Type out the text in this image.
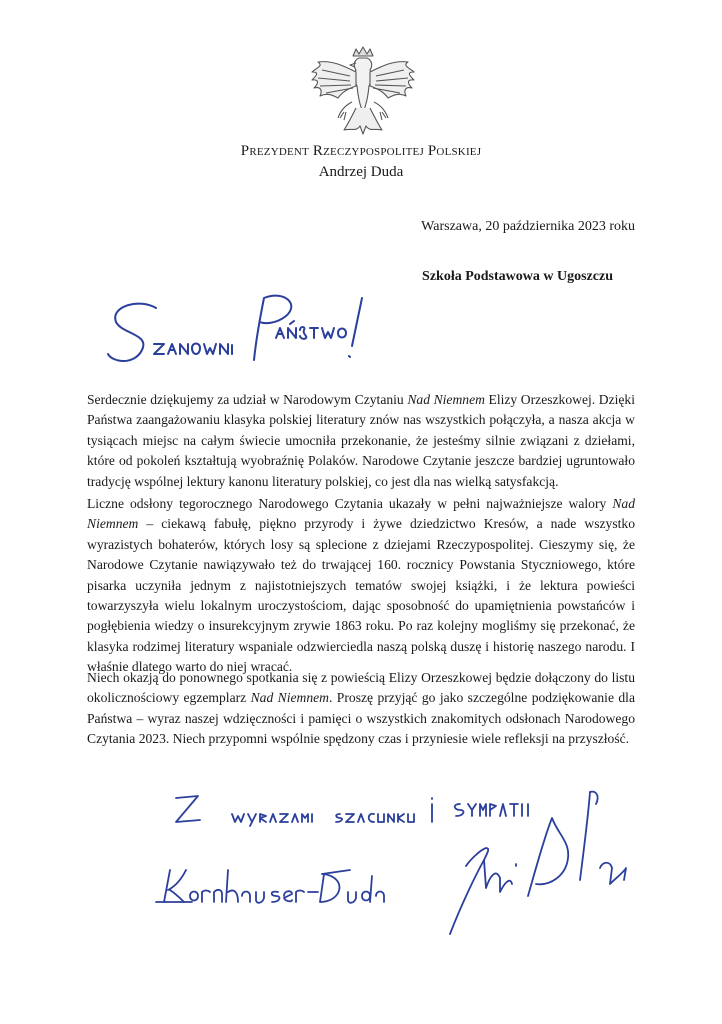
Prezydent Rzeczypospolitej Polskiej
Andrzej Duda
Warszawa, 20 października 2023 roku
Szkoła Podstawowa w Ugoszczu

Serdecznie dziękujemy za udział w Narodowym Czytaniu Nad Niemnem Elizy Orzeszkowej. Dzięki Państwa zaangażowaniu klasyka polskiej literatury znów nas wszystkich połączyła, a nasza akcja w tysiącach miejsc na całym świecie umocniła przekonanie, że jesteśmy silnie związani z dziełami, które od pokoleń kształtują wyobraźnię Polaków. Narodowe Czytanie jeszcze bardziej ugruntowało tradycję wspólnej lektury kanonu literatury polskiej, co jest dla nas wielką satysfakcją.

Liczne odsłony tegorocznego Narodowego Czytania ukazały w pełni najważniejsze walory Nad Niemnem – ciekawą fabułę, piękno przyrody i żywe dziedzictwo Kresów, a nade wszystko wyrazistych bohaterów, których losy są splecione z dziejami Rzeczypospolitej. Cieszymy się, że Narodowe Czytanie nawiązywało też do trwającej 160. rocznicy Powstania Styczniowego, które pisarka uczyniła jednym z najistotniejszych tematów swojej książki, i że lektura powieści towarzyszyła wielu lokalnym uroczystościom, dając sposobność do upamiętnienia powstańców i pogłębienia wiedzy o insurekcyjnym zrywie 1863 roku. Po raz kolejny mogliśmy się przekonać, że klasyka rodzimej literatury wspaniale odzwierciedla naszą polską duszę i historię naszego narodu. I właśnie dlatego warto do niej wracać.

Niech okazją do ponownego spotkania się z powieścią Elizy Orzeszkowej będzie dołączony do listu okolicznościowy egzemplarz Nad Niemnem. Proszę przyjąć go jako szczególne podziękowanie dla Państwa – wyraz naszej wdzięczności i pamięci o wszystkich znakomitych odsłonach Narodowego Czytania 2023. Niech przypomni wspólnie spędzony czas i przyniesie wiele refleksji na przyszłość.
